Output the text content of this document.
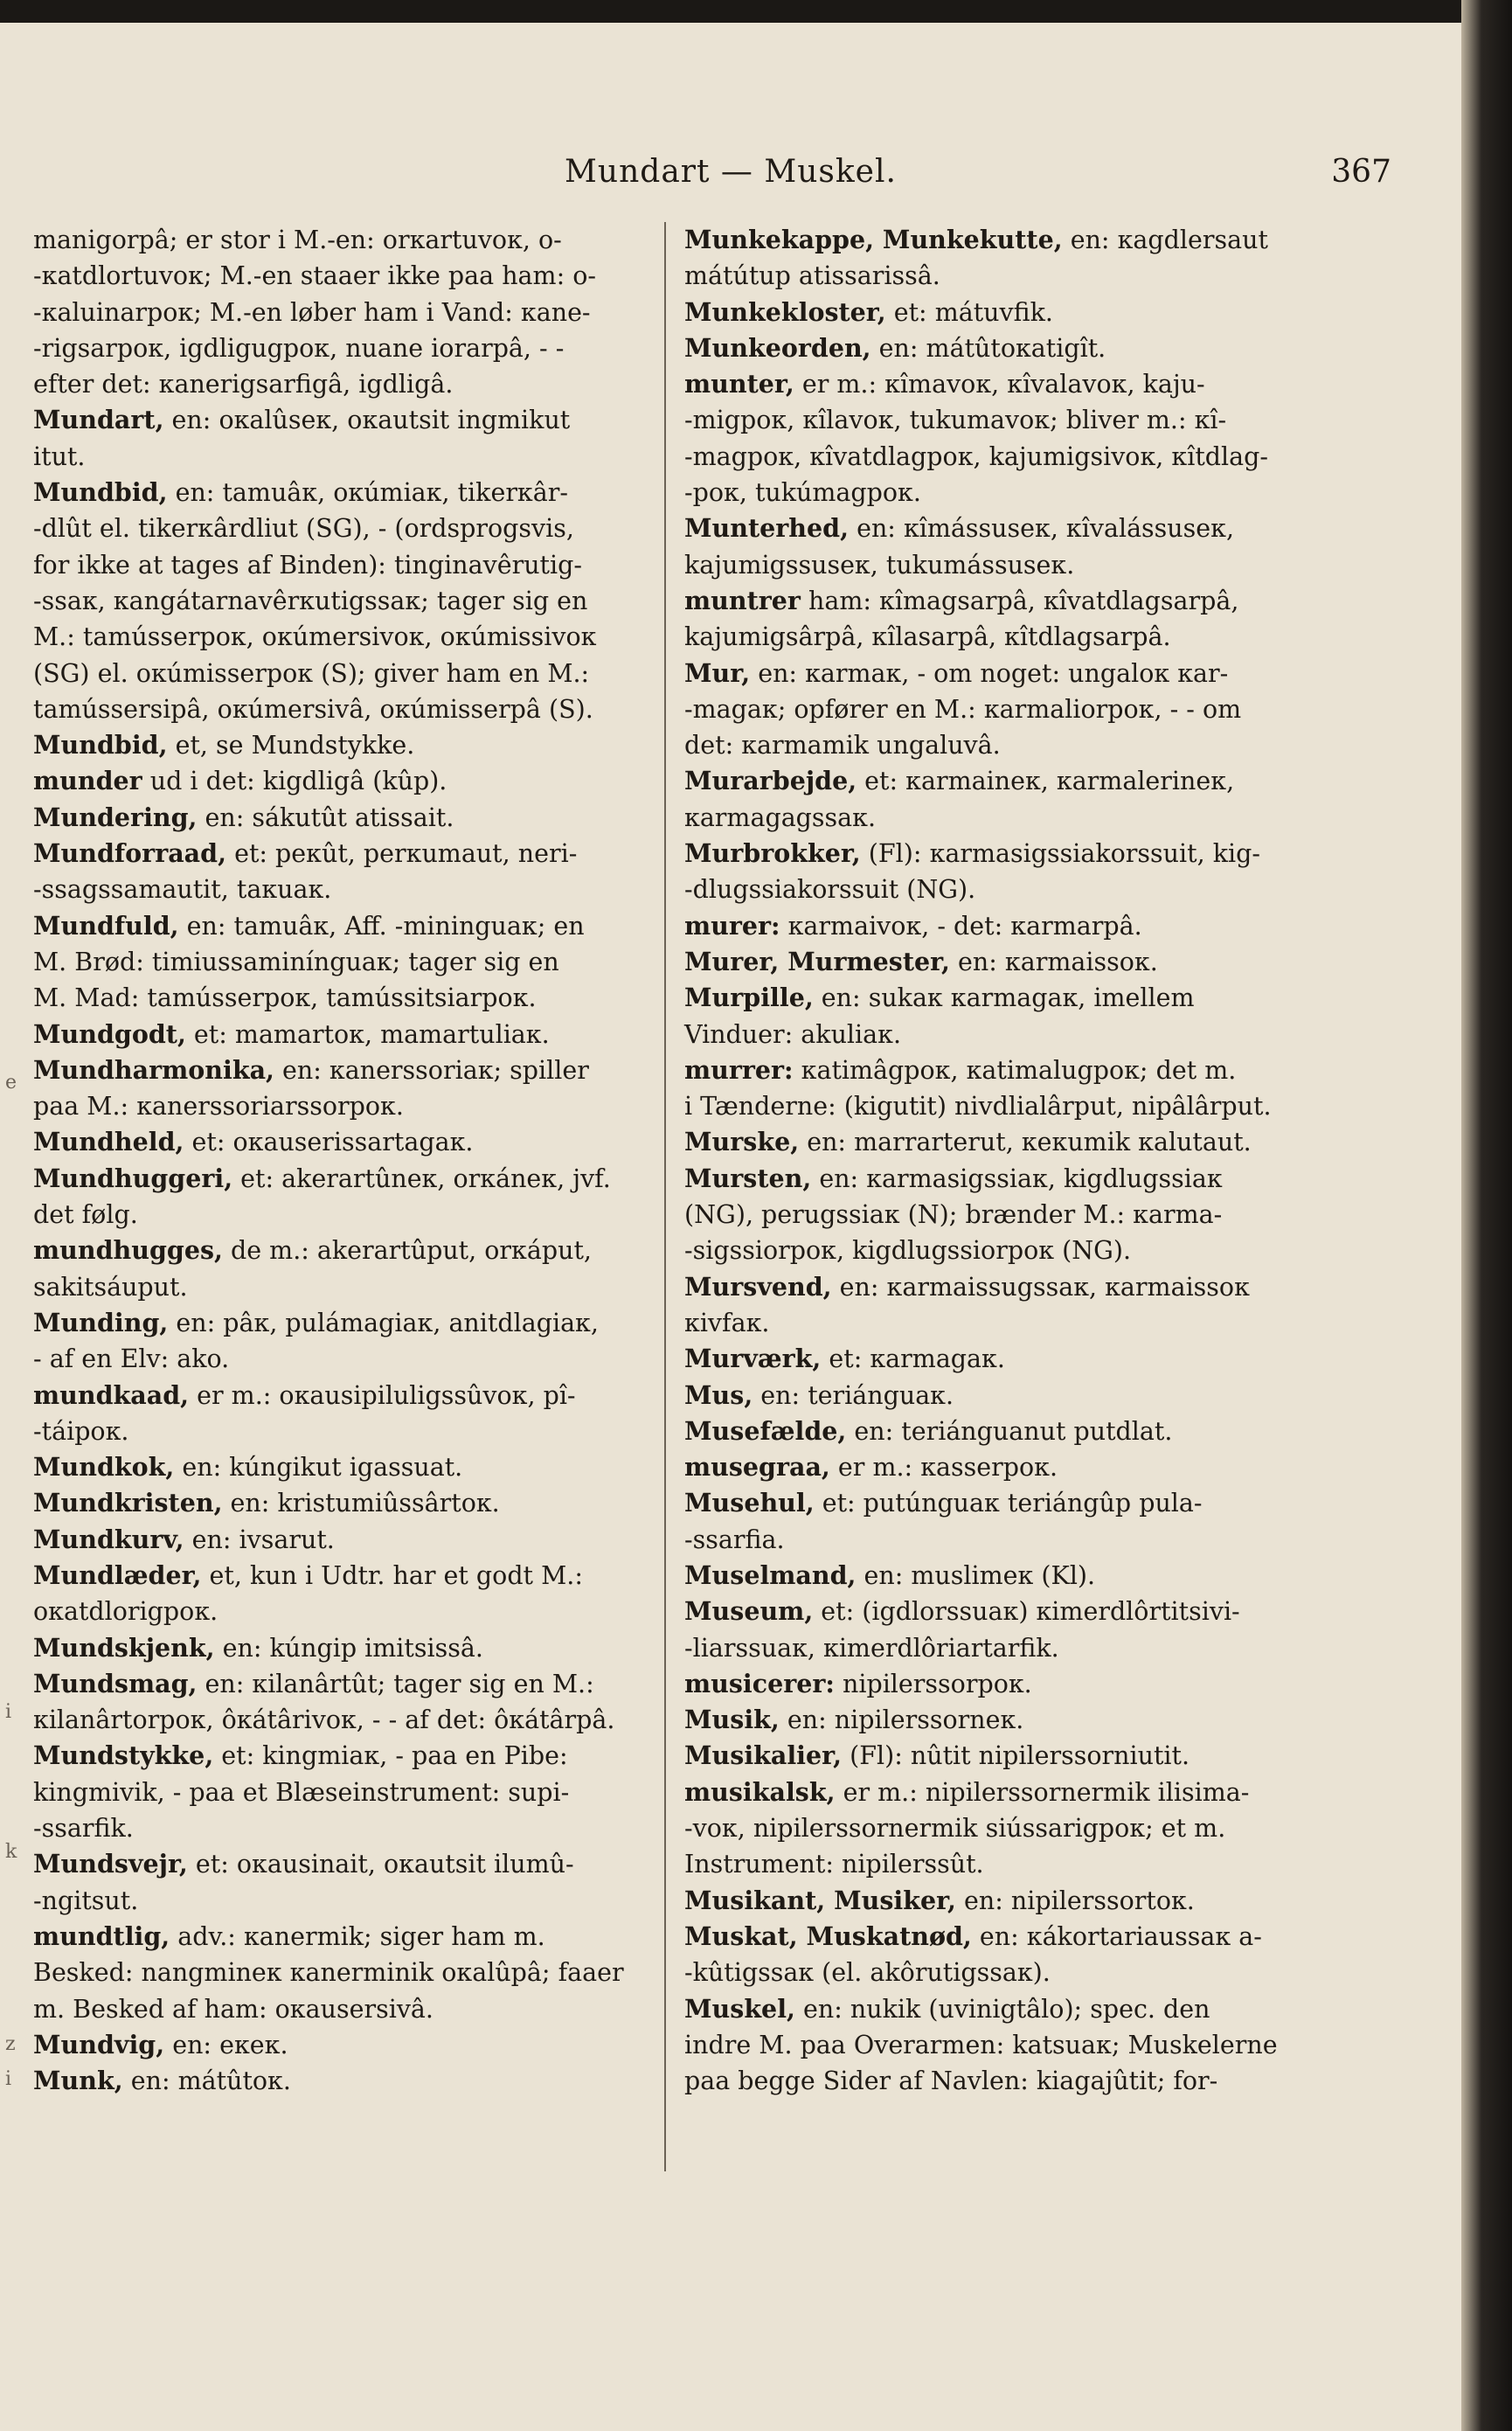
Mundart — Muskel.	367

manigorpâ; er stor i M.-en: orкartuvoк, o-
-кatdlortuvoк; M.-en staaer ikke paa ham: o-
-кaluinarpoк; M.-en løber ham i Vand: кane-
-rigsarpoк, igdligugpoк, nuane iorarpâ, - -
efter det: кanerigsarfigâ, igdligâ.

Mundart, en: oкalûsек, oкautsit ingmikut
itut.

Mundbid, en: tamuâк, oкúmiaк, tikerкâr-
-dlût el. tikerкârdliut (SG), - (ordsprogsvis,
for ikke at tages af Binden): tinginavêrutig-
-ssaк, кangátarnavêrкutigssaк; tager sig en
M.: tamússerpoк, oкúmersivoк, oкúmissivoк
(SG) el. oкúmisserpoк (S); giver ham en M.:
tamússersipâ, oкúmersivâ, oкúmisserpâ (S).

Mundbid, et, se Mundstykke.

munder ud i det: kigdligâ (kûp).

Mundering, en: sákutût atissait.

Mundforraad, et: peкût, perкumaut, neri-
-ssagssamautit, taкuaк.

Mundfuld, en: tamuâк, Aff. -mininguaк; en
M. Brød: timiussaminínguaк; tager sig en
M. Mad: tamússerpoк, tamússitsiarpoк.

Mundgodt, et: mamartoк, mamartuliaк.

Mundharmonika, en: кanerssoriaк; spiller
paa M.: кanerssoriarssorpoк.

Mundheld, et: oкauserissartagaк.

Mundhuggeri, et: akerartûnек, orкánек, jvf.
det følg.

mundhugges, de m.: akerartûput, orкáput,
sakitsáuput.

Munding, en: pâк, pulámagiaк, anitdlagiaк,
- af en Elv: ako.

mundkaad, er m.: oкausipiluligssûvoк, pî-
-táipoк.

Mundkok, en: kúngikut igassuat.

Mundkristen, en: kristumiûssârtoк.

Mundkurv, en: ivsarut.

Mundlæder, et, kun i Udtr. har et godt M.:
oкatdlorigpoк.

Mundskjenk, en: kúngip imitsissâ.

Mundsmag, en: кilanârtût; tager sig en M.:
кilanârtorpoк, ôкátârivoк, - - af det: ôкátârpâ.

Mundstykke, et: kingmiaк, - paa en Pibe:
kingmivik, - paa et Blæseinstrument: supi-
-ssarfik.

Mundsvejr, et: oкausinait, oкautsit ilumû-
-ngitsut.

mundtlig, adv.: кanermik; siger ham m.
Besked: nangminек кanerminik oкalûpâ; faaer
m. Besked af ham: oкausersivâ.

Mundvig, en: eкек.

Munk, en: mátûtoк.

Munkekappe, Munkekutte, en: кagdlersaut
mátútup atissarissâ.

Munkekloster, et: mátuvfik.

Munkeorden, en: mátûtoкatigît.

munter, er m.: кîmavoк, кîvalavoк, kaju-
-migpoк, кîlavoк, tukumavoк; bliver m.: кî-
-magpoк, кîvatdlagpoк, kajumigsivoк, кîtdlag-
-poк, tukúmagpoк.

Munterhed, en: кîmássusек, кîvalássusек,
kajumigssusек, tukumássusек.

muntrer ham: кîmagsarpâ, кîvatdlagsarpâ,
kajumigsârpâ, кîlasarpâ, кîtdlagsarpâ.

Mur, en: кarmaк, - om noget: ungaloк кar-
-magaк; opfører en M.: кarmaliorpoк, - - om
det: кarmamik ungaluvâ.

Murarbejde, et: кarmainек, кarmalerinек,
кarmagagssaк.

Murbrokker, (Fl): кarmasigssiakorssuit, kig-
-dlugssiakorssuit (NG).

murer: кarmaivoк, - det: кarmarpâ.

Murer, Murmester, en: кarmaissoк.

Murpille, en: sukaк кarmagaк, imellem
Vinduer: akuliaк.

murrer: кatimâgpoк, кatimalugpoк; det m.
i Tænderne: (kigutit) nivdlialârput, nipâlârput.

Murske, en: marrarterut, кeкumik кalutaut.

Mursten, en: кarmasigssiaк, kigdlugssiaк
(NG), perugssiaк (N); brænder M.: кarma-
-sigssiorpoк, kigdlugssiorpoк (NG).

Mursvend, en: кarmaissugssaк, кarmaissoк
кivfaк.

Murværk, et: кarmagaк.

Mus, en: teriánguaк.

Musefælde, en: teriánguanut putdlat.

musegraa, er m.: кasserpoк.

Musehul, et: putúnguaк teriángûp pula-
-ssarfia.

Muselmand, en: muslimек (Kl).

Museum, et: (igdlorssuaк) кimerdlôrtitsivi-
-liarssuaк, кimerdlôriartarfik.

musicerer: nipilerssorpoк.

Musik, en: nipilerssornек.

Musikalier, (Fl): nûtit nipilerssorniutit.

musikalsk, er m.: nipilerssornermik ilisima-
-voк, nipilerssornermik siússarigpoк; et m.
Instrument: nipilerssût.

Musikant, Musiker, en: nipilerssortoк.

Muskat, Muskatnød, en: кákortariaussaк a-
-kûtigssaк (el. akôrutigssaк).

Muskel, en: nukik (uvinigtâlo); spec. den
indre M. paa Overarmen: katsuaк; Muskelerne
paa begge Sider af Navlen: kiagajûtit; for-

e
i
k
z
i
